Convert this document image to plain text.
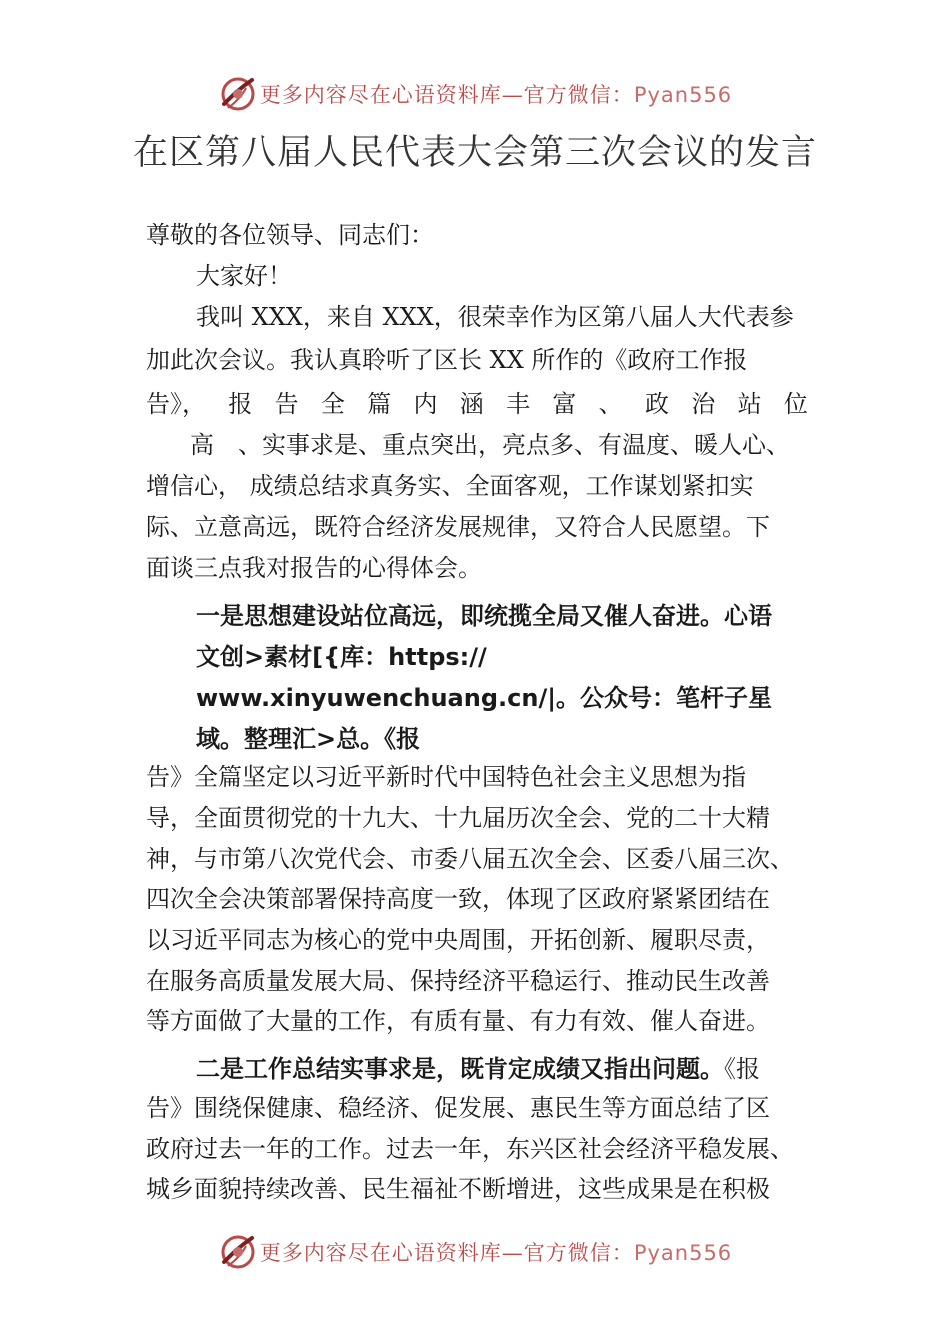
更多内容尽在心语资料库—官方微信：Pyan556
在区第八届人民代表大会第三次会议的发言
尊敬的各位领导、同志们：
大家好！
我叫 XXX，来自 XXX，很荣幸作为区第八届人大代表参
加此次会议。我认真聆听了区长 XX 所作的《政府工作报
告》， 报 告 全 篇 内 涵 丰 富 、 政 治 站 位
高　、实事求是、重点突出，亮点多、有温度、暖人心、
增信心， 成绩总结求真务实、全面客观，工作谋划紧扣实
际、立意高远，既符合经济发展规律，又符合人民愿望。下
面谈三点我对报告的心得体会。
一是思想建设站位高远，即统揽全局又催人奋进。心语
文创>素材[{库：https://
www.xinyuwenchuang.cn/|。公众号：笔杆子星
域。整理汇>总。《报
告》全篇坚定以习近平新时代中国特色社会主义思想为指
导，全面贯彻党的十九大、十九届历次全会、党的二十大精
神，与市第八次党代会、市委八届五次全会、区委八届三次、
四次全会决策部署保持高度一致，体现了区政府紧紧团结在
以习近平同志为核心的党中央周围，开拓创新、履职尽责，
在服务高质量发展大局、保持经济平稳运行、推动民生改善
等方面做了大量的工作，有质有量、有力有效、催人奋进。
二是工作总结实事求是，既肯定成绩又指出问题。《报
告》围绕保健康、稳经济、促发展、惠民生等方面总结了区
政府过去一年的工作。过去一年，东兴区社会经济平稳发展、
城乡面貌持续改善、民生福祉不断增进，这些成果是在积极
更多内容尽在心语资料库—官方微信：Pyan556
